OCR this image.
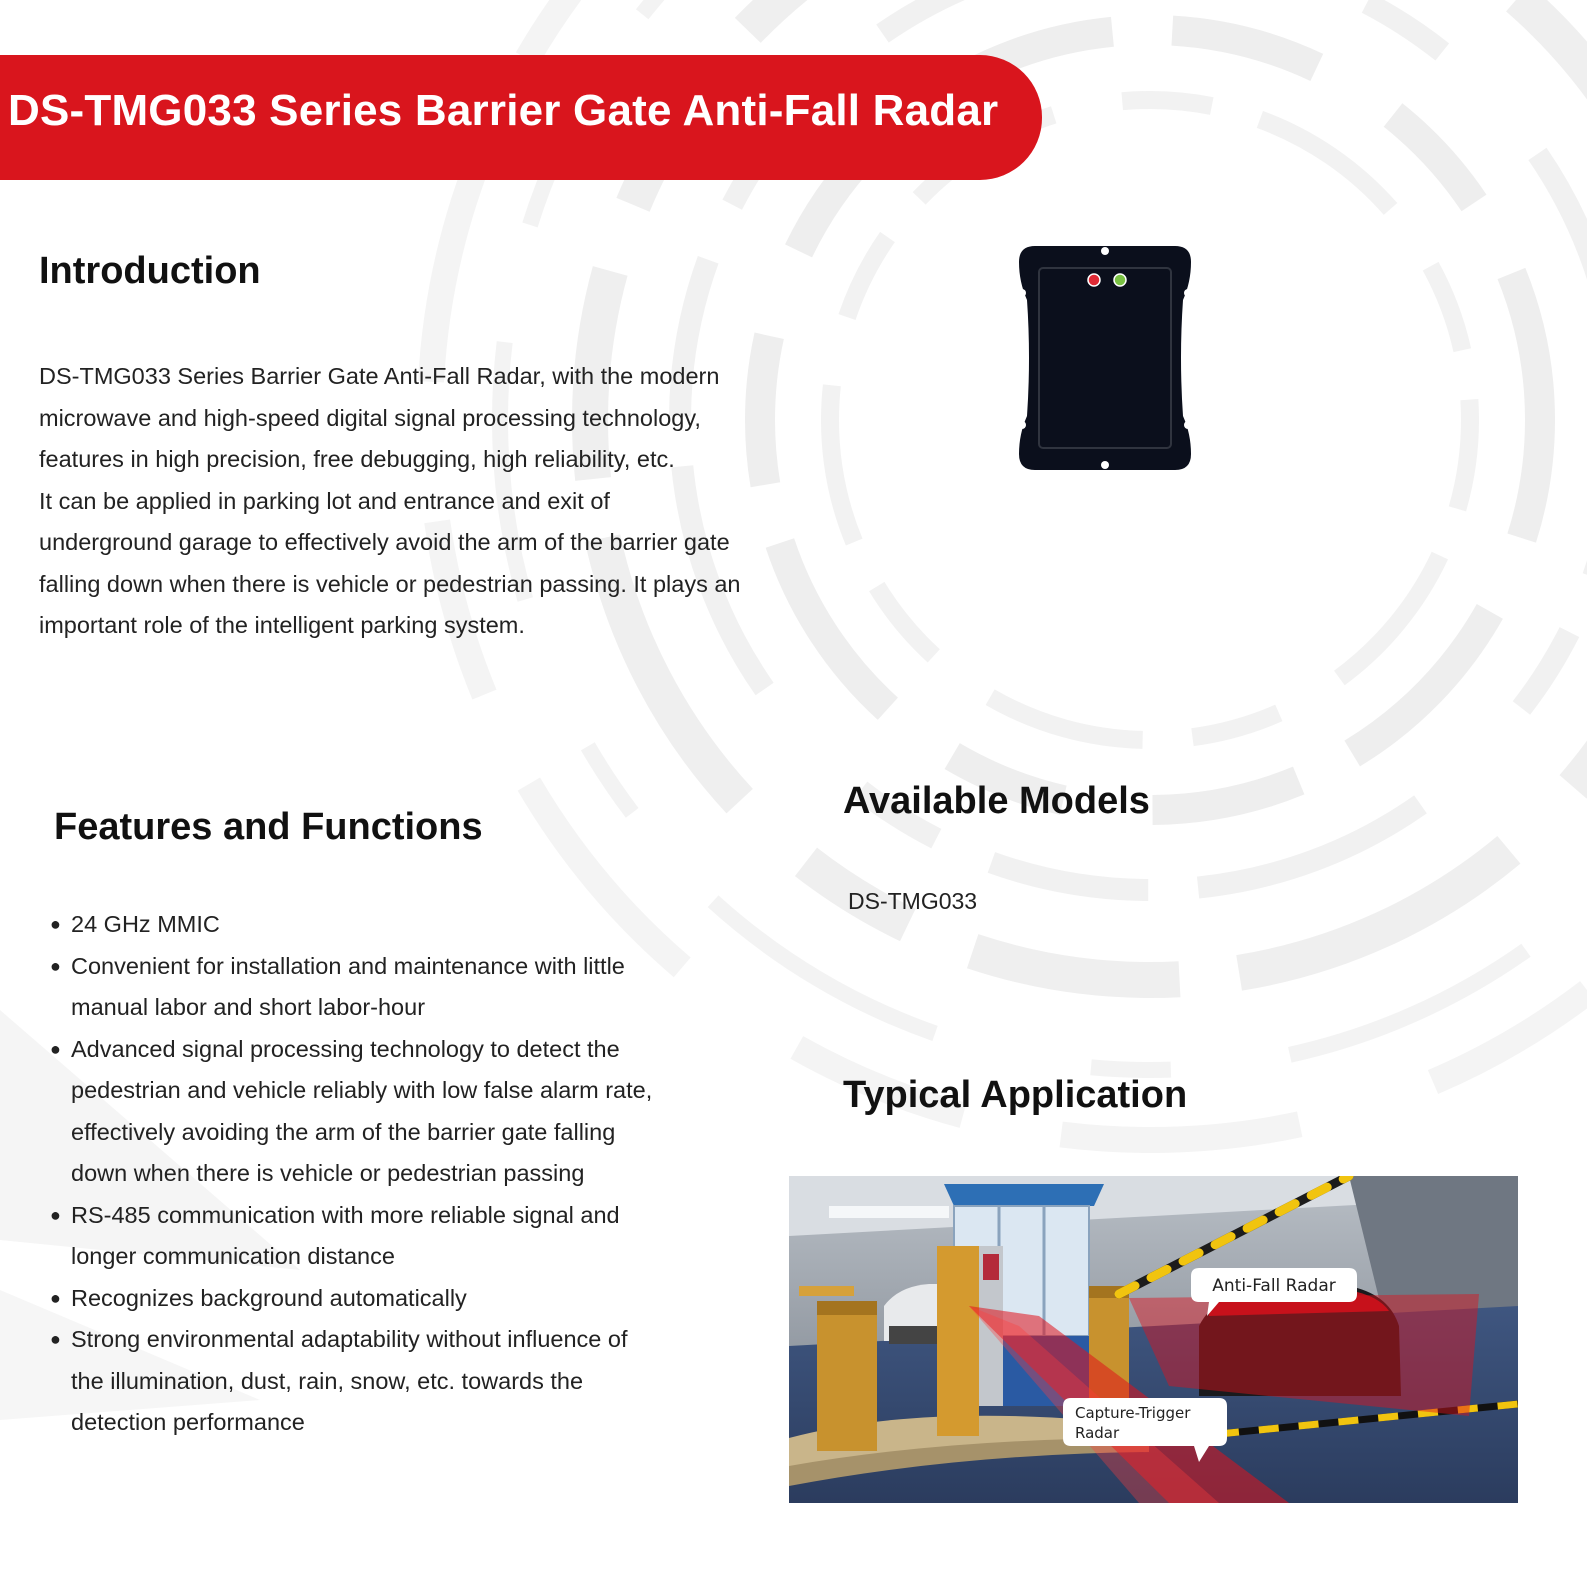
DS-TMG033 Series Barrier Gate Anti-Fall Radar
Introduction

DS-TMG033 Series Barrier Gate Anti-Fall Radar, with the modern

microwave and high-speed digital signal processing technology,

features in high precision, free debugging, high reliability, etc.

It can be applied in parking lot and entrance and exit of

underground garage to effectively avoid the arm of the barrier gate

falling down when there is vehicle or pedestrian passing. It plays an

important role of the intelligent parking system.

Features and Functions
● 24 GHz MMIC
● Convenient for installation and maintenance with little
manual labor and short labor-hour
● Advanced signal processing technology to detect the
pedestrian and vehicle reliably with low false alarm rate,
effectively avoiding the arm of the barrier gate falling
down when there is vehicle or pedestrian passing
● RS-485 communication with more reliable signal and
longer communication distance
● Recognizes background automatically
● Strong environmental adaptability without influence of
the illumination, dust, rain, snow, etc. towards the
detection performance
Available Models
DS-TMG033
Typical Application
Anti-Fall Radar
Capture-Trigger
Radar
